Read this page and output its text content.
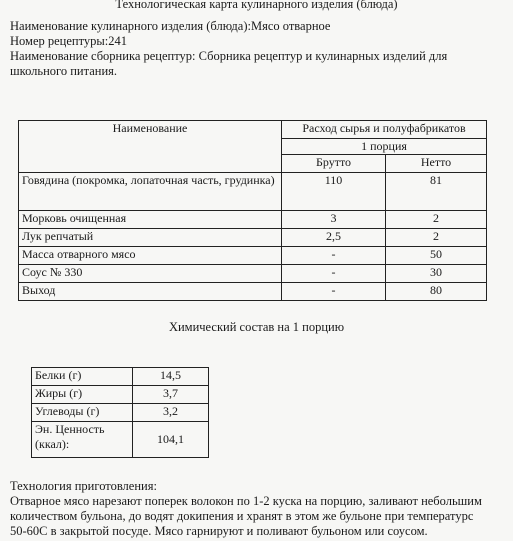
Технологическая карта кулинарного изделия (блюда)
Наименование кулинарного изделия (блюда):Мясо отварное
Номер рецептуры:241
Наименование сборника рецептур: Сборника рецептур и кулинарных изделий для
школьного питания.
Наименование	Расход сырья и полуфабрикатов	
	1 порция	
	Брутто	Нетто
Говядина (покромка, лопаточная часть, грудинка)	110	81
Морковь очищенная	3	2
Лук репчатый	2,5	2
Масса отварного мясо	-	50
Соус № 330	-	30
Выход	-	80
Химический состав на 1 порцию
Белки (г)	14,5
Жиры (г)	3,7
Углеводы (г)	3,2
Эн. Ценность (ккал):	104,1
Технология приготовления:
Отварное мясо нарезают поперек волокон по 1-2 куска на порцию, заливают небольшим
количеством бульона, до водят докипения и хранят в этом же бульоне при температурс
50-60С в закрытой посуде. Мясо гарнируют и поливают бульоном или соусом.
